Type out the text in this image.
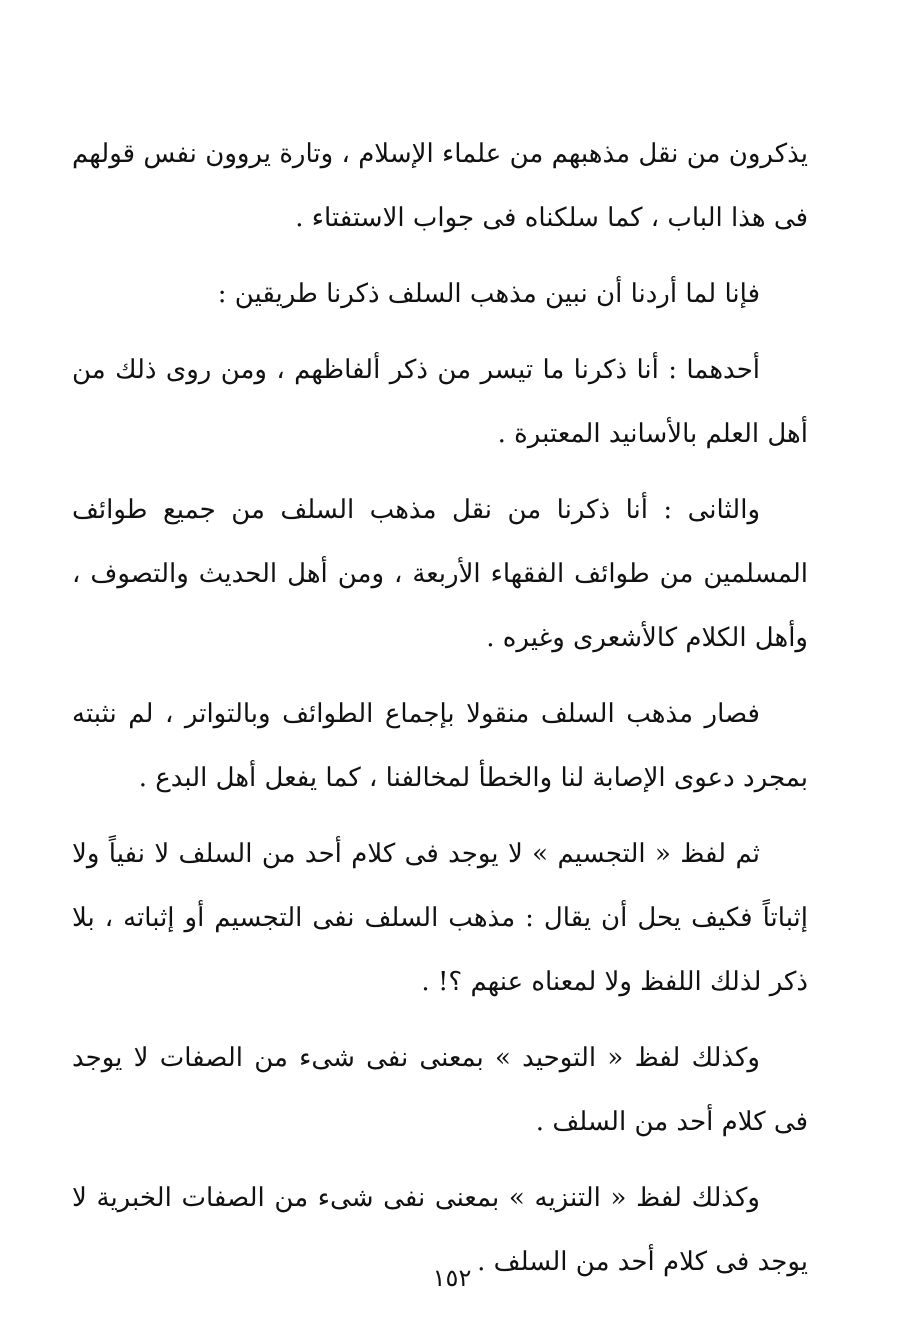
يذكرون من نقل مذهبهم من علماء الإسلام ، وتارة يروون نفس قولهم فى هذا الباب ، كما سلكناه فى جواب الاستفتاء .

فإنا لما أردنا أن نبين مذهب السلف ذكرنا طريقين :

أحدهما : أنا ذكرنا ما تيسر من ذكر ألفاظهم ، ومن روى ذلك من أهل العلم بالأسانيد المعتبرة .

والثانى : أنا ذكرنا من نقل مذهب السلف من جميع طوائف المسلمين من طوائف الفقهاء الأربعة ، ومن أهل الحديث والتصوف ، وأهل الكلام كالأشعرى وغيره .

فصار مذهب السلف منقولا بإجماع الطوائف وبالتواتر ، لم نثبته بمجرد دعوى الإصابة لنا والخطأ لمخالفنا ، كما يفعل أهل البدع .

ثم لفظ « التجسيم » لا يوجد فى كلام أحد من السلف لا نفياً ولا إثباتاً فكيف يحل أن يقال : مذهب السلف نفى التجسيم أو إثباته ، بلا ذكر لذلك اللفظ ولا لمعناه عنهم ؟! .

وكذلك لفظ « التوحيد » بمعنى نفى شىء من الصفات لا يوجد فى كلام أحد من السلف .

وكذلك لفظ « التنزيه » بمعنى نفى شىء من الصفات الخبرية لا يوجد فى كلام أحد من السلف .

١٥٢
